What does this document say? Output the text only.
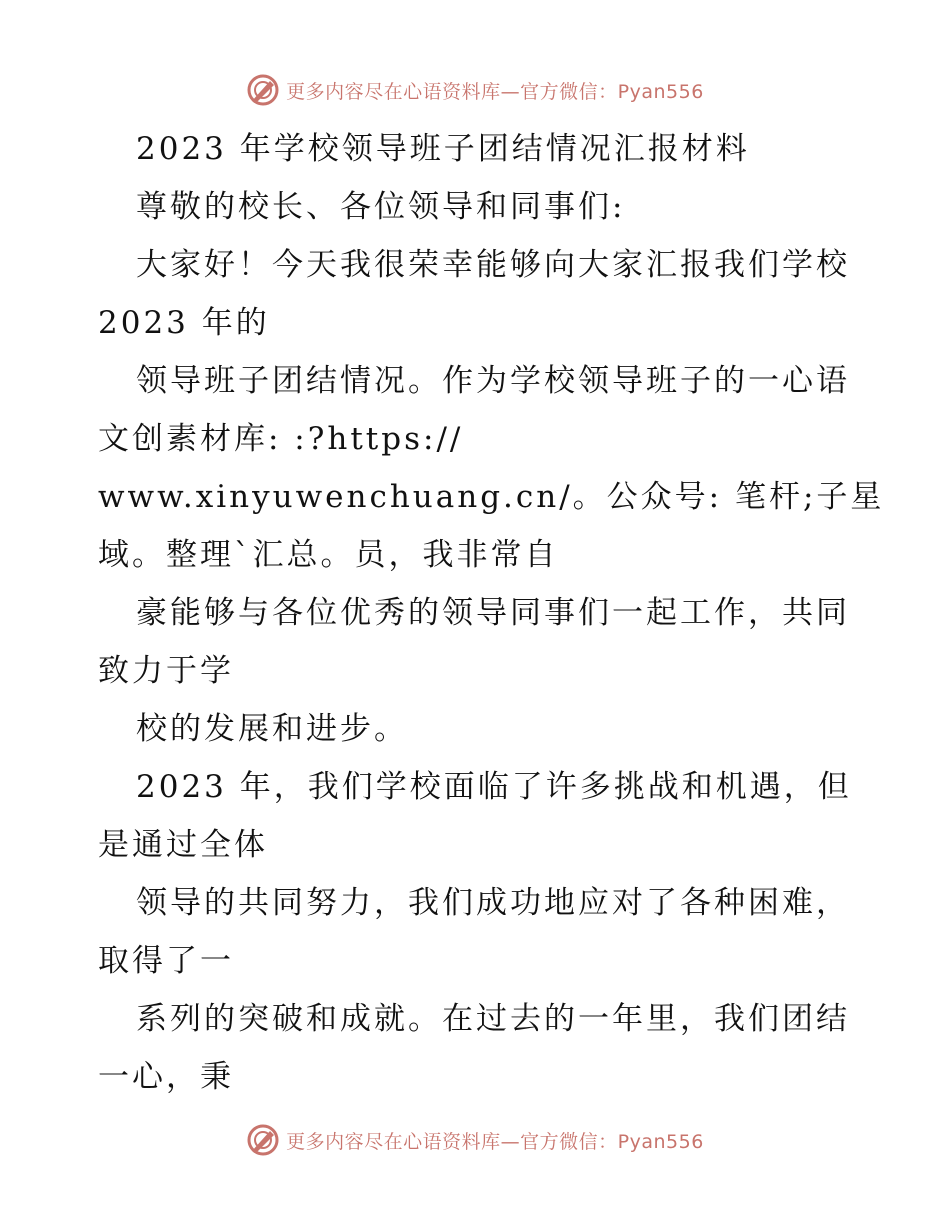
更多内容尽在心语资料库—官方微信：Pyan556
2023 年学校领导班子团结情况汇报材料
尊敬的校长、各位领导和同事们:
大家好！今天我很荣幸能够向大家汇报我们学校
2023 年的
领导班子团结情况。作为学校领导班子的一心语
文创素材库: :?https://
www.xinyuwenchuang.cn/。公众号: 笔杆;子星
域。整理`汇总。员，我非常自
豪能够与各位优秀的领导同事们一起工作，共同
致力于学
校的发展和进步。
2023 年，我们学校面临了许多挑战和机遇，但
是通过全体
领导的共同努力，我们成功地应对了各种困难，
取得了一
系列的突破和成就。在过去的一年里，我们团结
一心，秉
更多内容尽在心语资料库—官方微信：Pyan556
